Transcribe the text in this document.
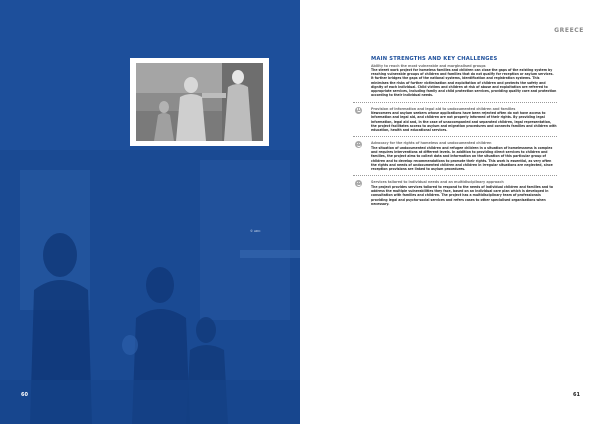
© ADC
60
GREECE
MAIN STRENGTHS AND KEY CHALLENGES
Ability to reach the most vulnerable and marginalised groups
The street work project for homeless families and children can close the gaps of the existing system by reaching vulnerable groups of children and families that do not qualify for reception or asylum services. It further bridges the gaps of the national systems, identification and registration systems. This minimises the risks of further victimisation and exploitation of children and protects the safety and dignity of each individual. Child victims and children at risk of abuse and exploitation are referred to appropriate services, including family and child protection services, providing quality care and protection according to their individual needs.
Provision of information and legal aid to undocumented children and families
Newcomers and asylum seekers whose applications have been rejected often do not have access to information and legal aid, and children are not properly informed of their rights. By providing legal information, legal aid and, in the case of unaccompanied and separated children, legal representation, the project facilitates access to asylum and migration procedures and connects families and children with education, health and educational services.
Advocacy for the rights of homeless and undocumented children
The situation of undocumented children and refugee children in a situation of homelessness is complex and requires interventions at different levels. In addition to providing direct services to children and families, the project aims to collect data and information on the situation of this particular group of children and to develop recommendations to promote their rights. This work is essential, as very often the rights and needs of undocumented children and children in irregular situations are neglected, since reception provisions are linked to asylum procedures.
Services tailored to individual needs and an multidisciplinary approach
The project provides services tailored to respond to the needs of individual children and families and to address the multiple vulnerabilities they face, based on an individual care plan which is developed in consultation with families and children. The project has a multidisciplinary team of professionals providing legal and psycho-social services and refers cases to other specialised organisations when necessary.
61
